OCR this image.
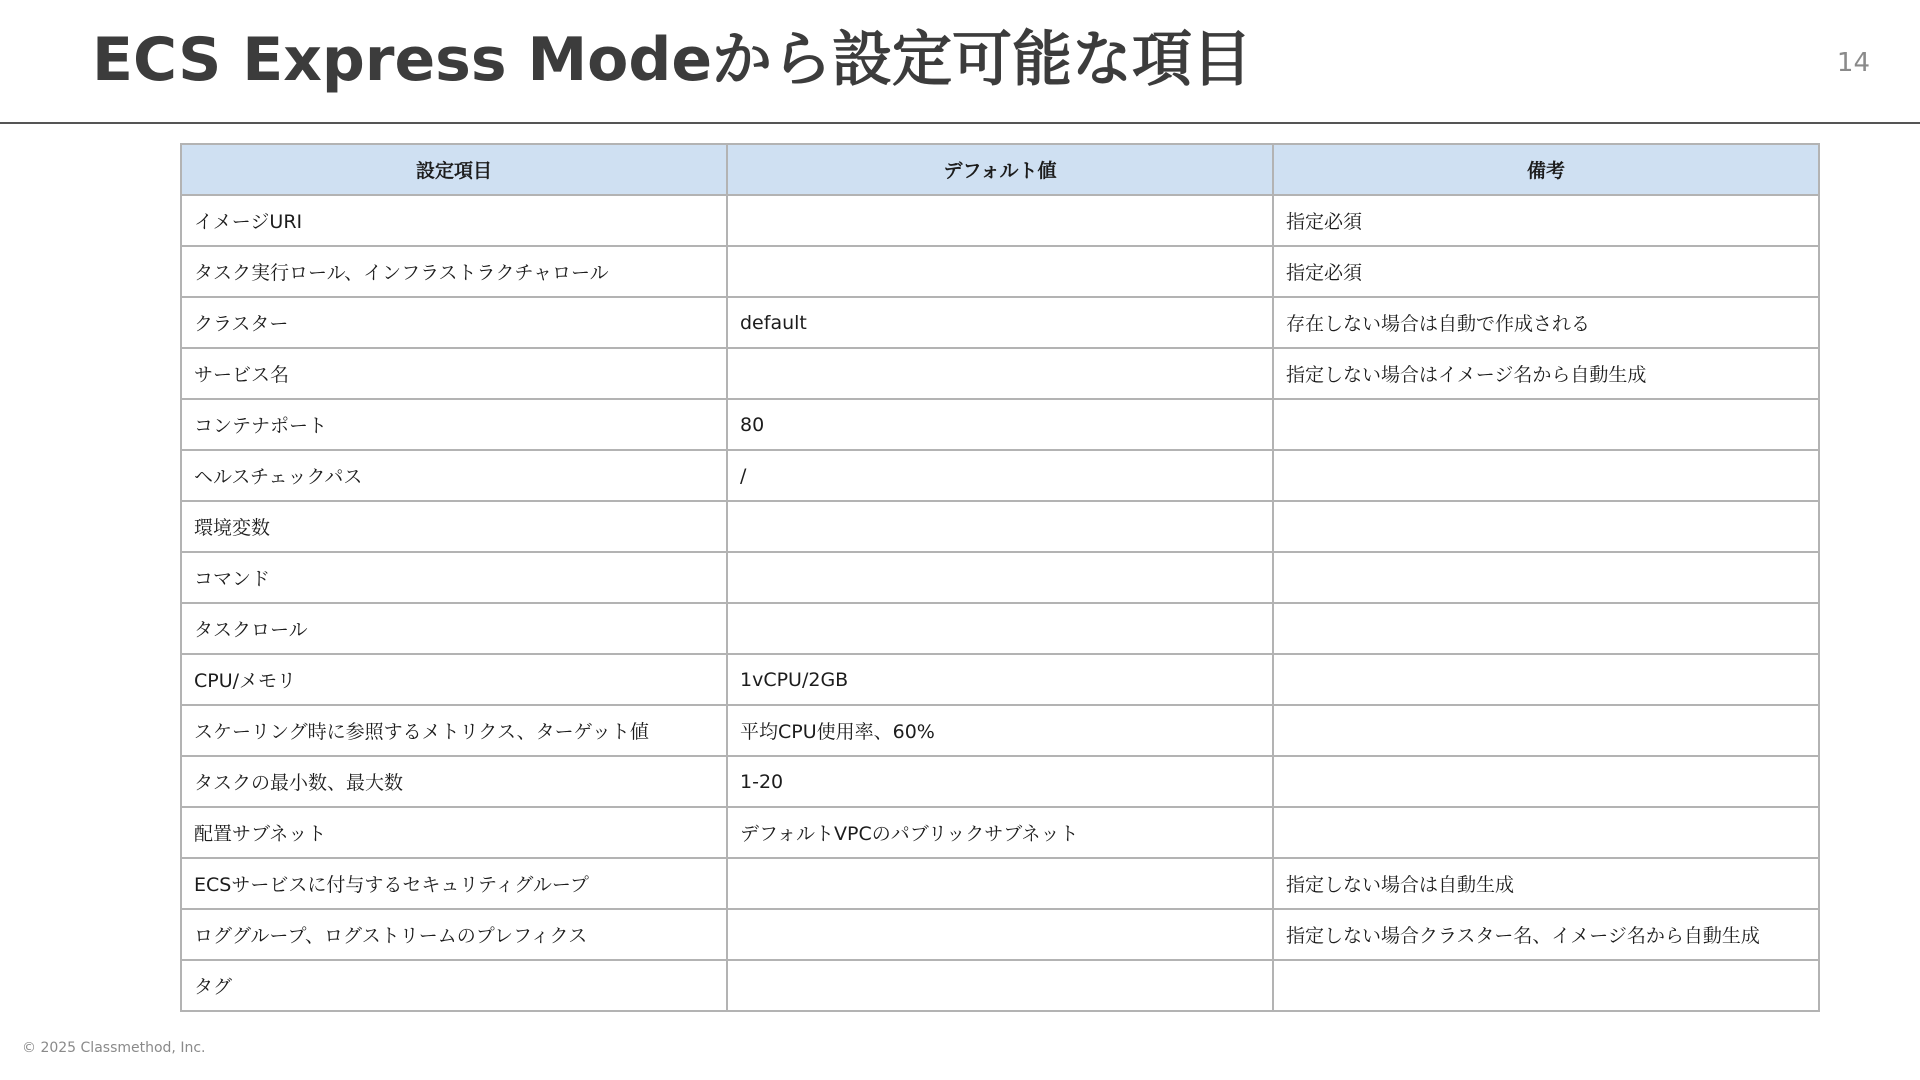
ECS Express Modeから設定可能な項目	14
設定項目	デフォルト値	備考
イメージURI		指定必須
タスク実行ロール、インフラストラクチャロール		指定必須
クラスター	default	存在しない場合は自動で作成される
サービス名		指定しない場合はイメージ名から自動生成
コンテナポート	80	
ヘルスチェックパス	/	
環境変数		
コマンド		
タスクロール		
CPU/メモリ	1vCPU/2GB	
スケーリング時に参照するメトリクス、ターゲット値	平均CPU使用率、60%	
タスクの最小数、最大数	1-20	
配置サブネット	デフォルトVPCのパブリックサブネット	
ECSサービスに付与するセキュリティグループ		指定しない場合は自動生成
ロググループ、ログストリームのプレフィクス		指定しない場合クラスター名、イメージ名から自動生成
タグ		
© 2025 Classmethod, Inc.
